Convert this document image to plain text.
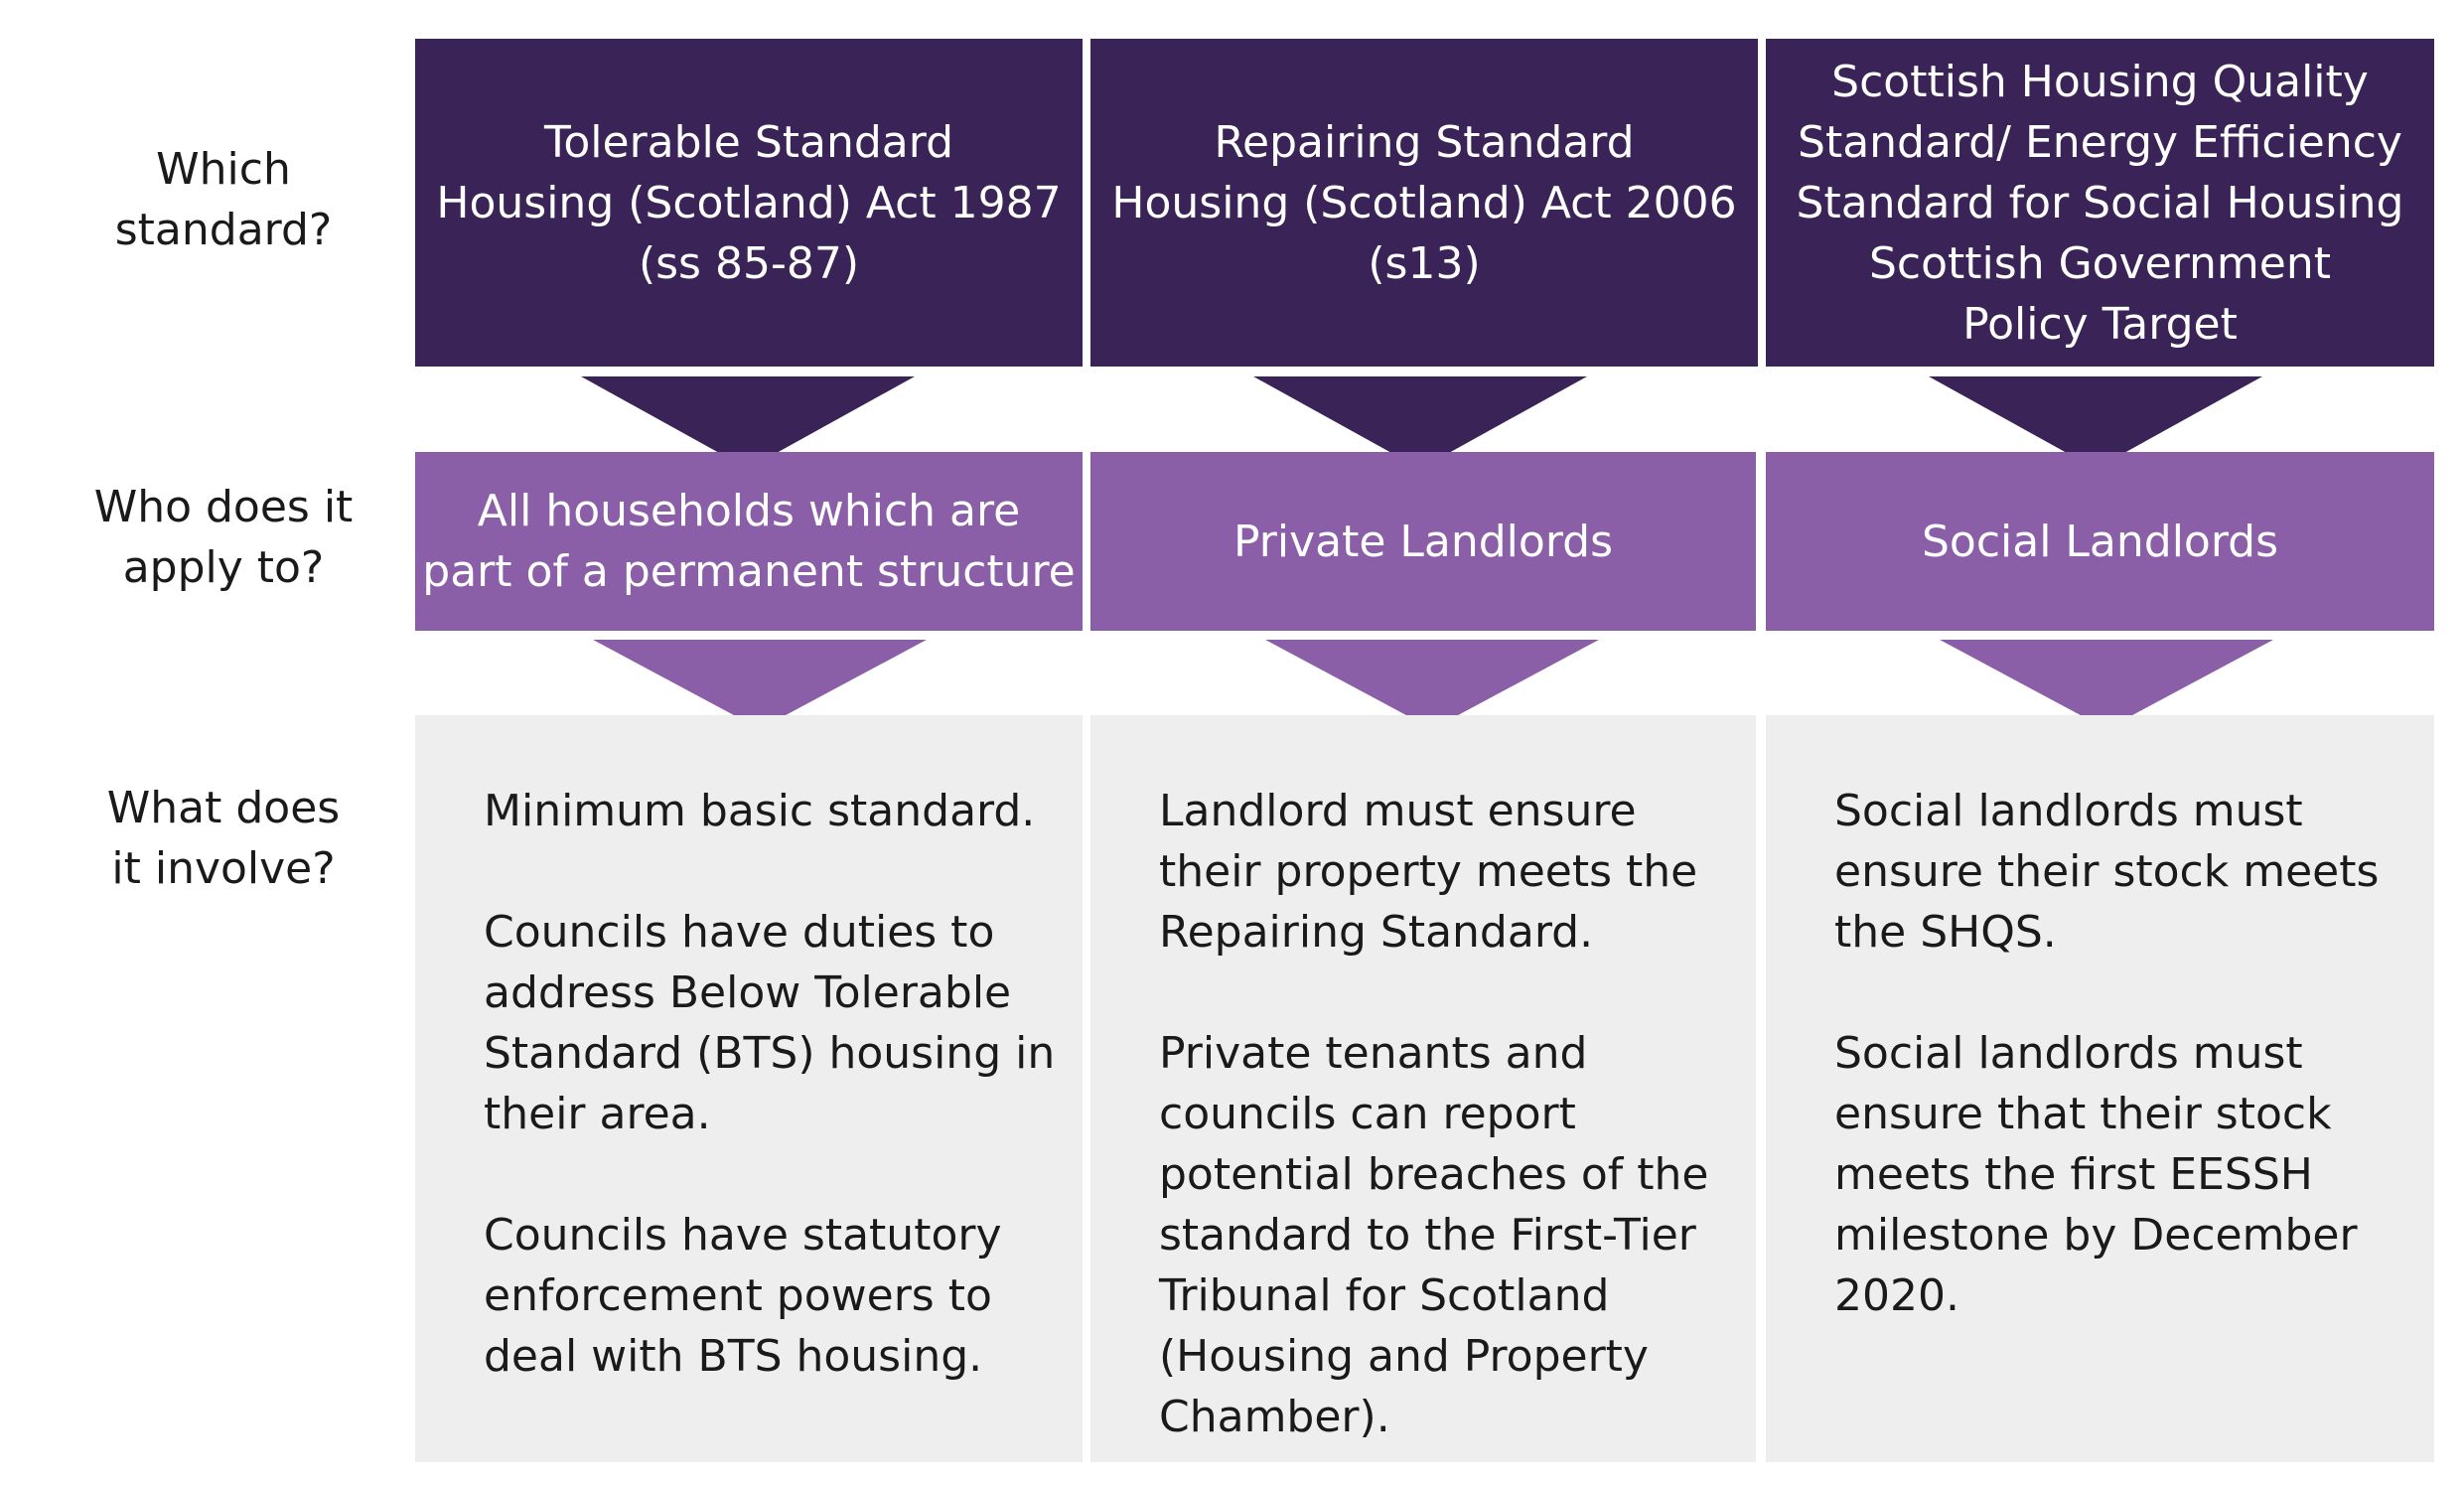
Which
standard?
Who does it
apply to?
What does
it involve?
Tolerable Standard
Housing (Scotland) Act 1987
(ss 85-87)
All households which are
part of a permanent structure
Minimum basic standard.
Councils have duties to
address Below Tolerable
Standard (BTS) housing in
their area.
Councils have statutory
enforcement powers to
deal with BTS housing.
Repairing Standard
Housing (Scotland) Act 2006
(s13)
Private Landlords
Landlord must ensure
their property meets the
Repairing Standard.
Private tenants and
councils can report
potential breaches of the
standard to the First-Tier
Tribunal for Scotland
(Housing and Property
Chamber).
Scottish Housing Quality
Standard/ Energy Efficiency
Standard for Social Housing
Scottish Government
Policy Target
Social Landlords
Social landlords must
ensure their stock meets
the SHQS.
Social landlords must
ensure that their stock
meets the first EESSH
milestone by December
2020.
